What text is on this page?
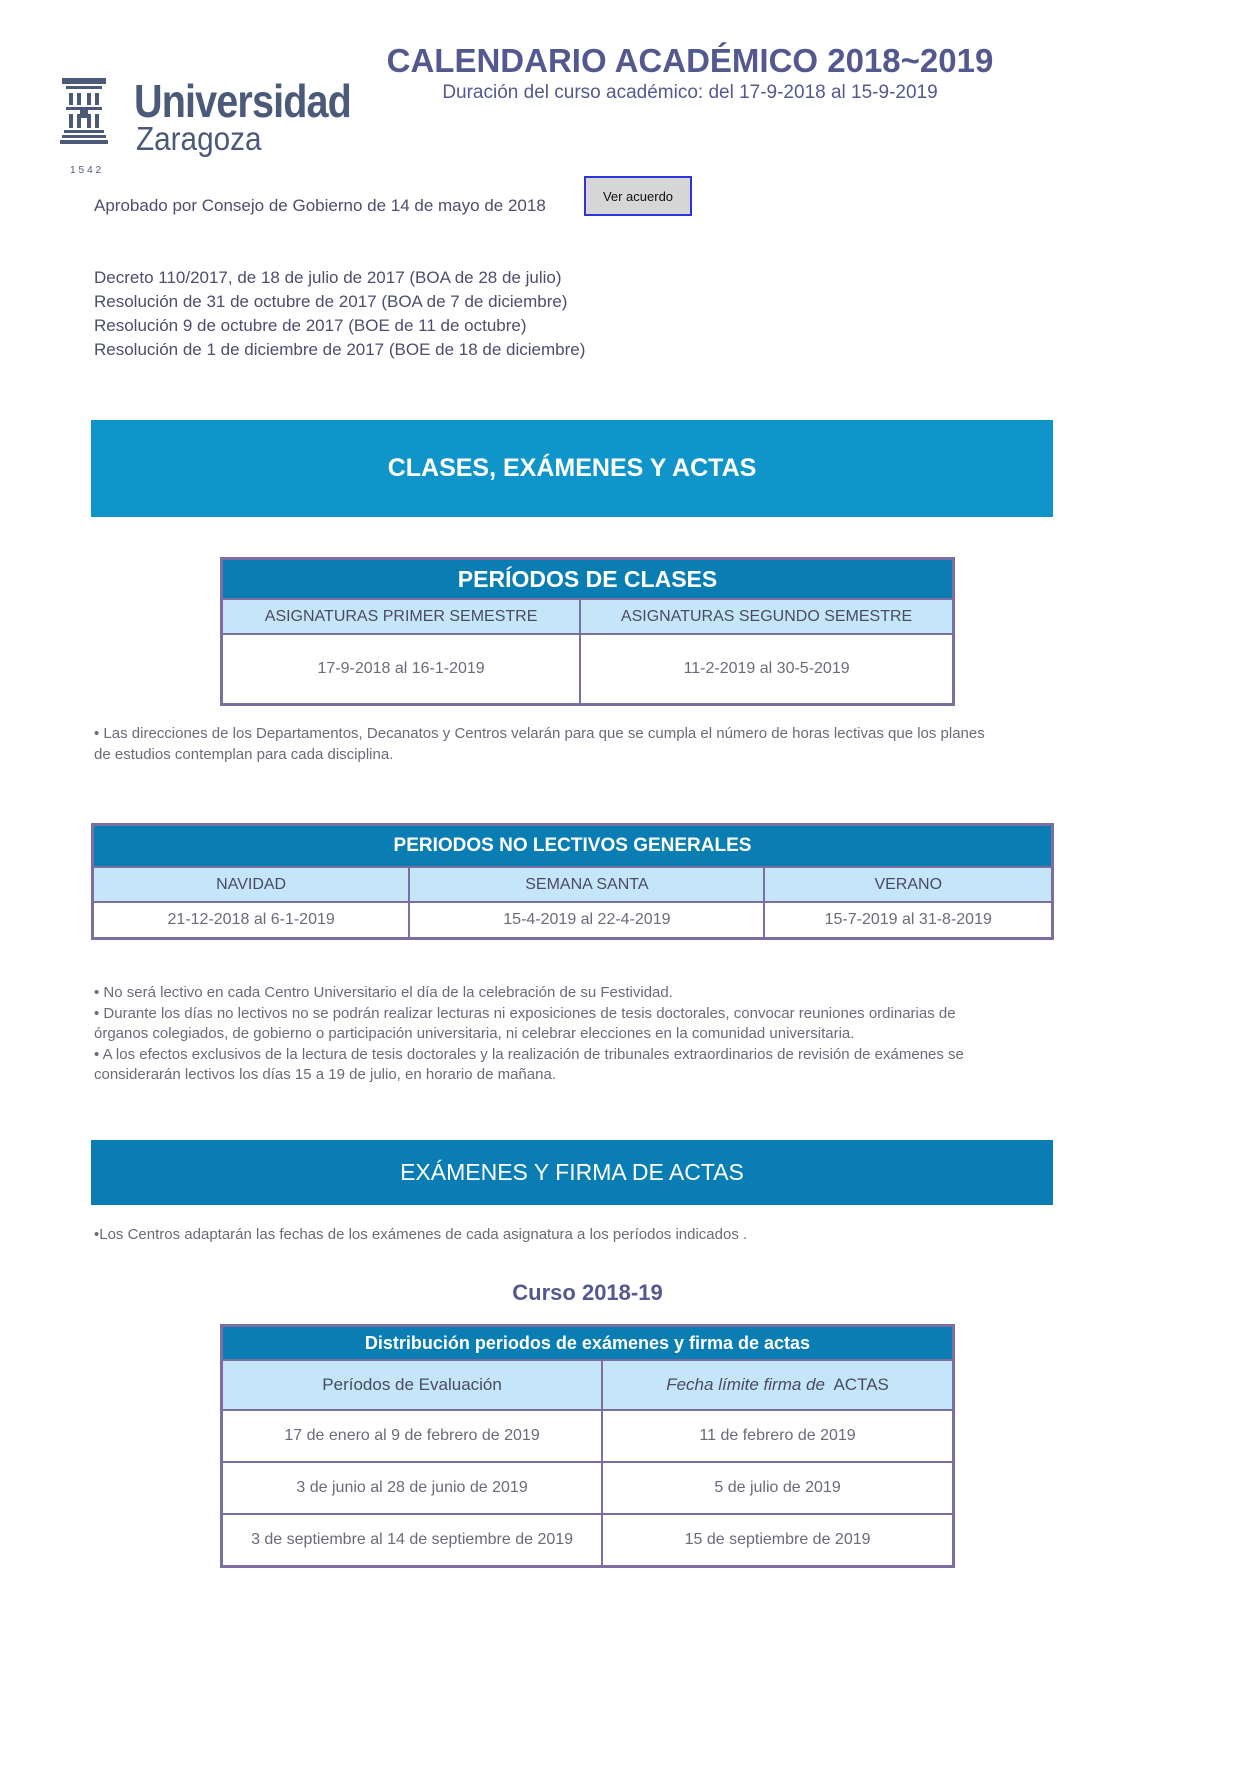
Universidad
Zaragoza
1542
CALENDARIO ACADÉMICO 2018~2019
Duración del curso académico: del 17-9-2018 al 15-9-2019
Aprobado por Consejo de Gobierno de 14 de mayo de 2018	Ver acuerdo
Decreto 110/2017, de 18 de julio de 2017 (BOA de 28 de julio)
Resolución de 31 de octubre de 2017 (BOA de 7 de diciembre)
Resolución 9 de octubre de 2017 (BOE de 11 de octubre)
Resolución de 1 de diciembre de 2017 (BOE de 18 de diciembre)
CLASES, EXÁMENES Y ACTAS
PERÍODOS DE CLASES	
ASIGNATURAS PRIMER SEMESTRE	ASIGNATURAS SEGUNDO SEMESTRE
17-9-2018 al 16-1-2019	11-2-2019 al 30-5-2019
• Las direcciones de los Departamentos, Decanatos y Centros velarán para que se cumpla el número de horas lectivas que los planes
de estudios contemplan para cada disciplina.
PERIODOS NO LECTIVOS GENERALES		
NAVIDAD	SEMANA SANTA	VERANO
21-12-2018 al 6-1-2019	15-4-2019 al 22-4-2019	15-7-2019 al 31-8-2019
• No será lectivo en cada Centro Universitario el día de la celebración de su Festividad.
• Durante los días no lectivos no se podrán realizar lecturas ni exposiciones de tesis doctorales, convocar reuniones ordinarias de
órganos colegiados, de gobierno o participación universitaria, ni celebrar elecciones en la comunidad universitaria.
• A los efectos exclusivos de la lectura de tesis doctorales y la realización de tribunales extraordinarios de revisión de exámenes se
considerarán lectivos los días 15 a 19 de julio, en horario de mañana.
EXÁMENES Y FIRMA DE ACTAS
•Los Centros adaptarán las fechas de los exámenes de cada asignatura a los períodos indicados .
Curso 2018-19
Distribución periodos de exámenes y firma de actas	
Períodos de Evaluación	Fecha límite firma de  ACTAS
17 de enero al 9 de febrero de 2019	11 de febrero de 2019
3 de junio al 28 de junio de 2019	5 de julio de 2019
3 de septiembre al 14 de septiembre de 2019	15 de septiembre de 2019
